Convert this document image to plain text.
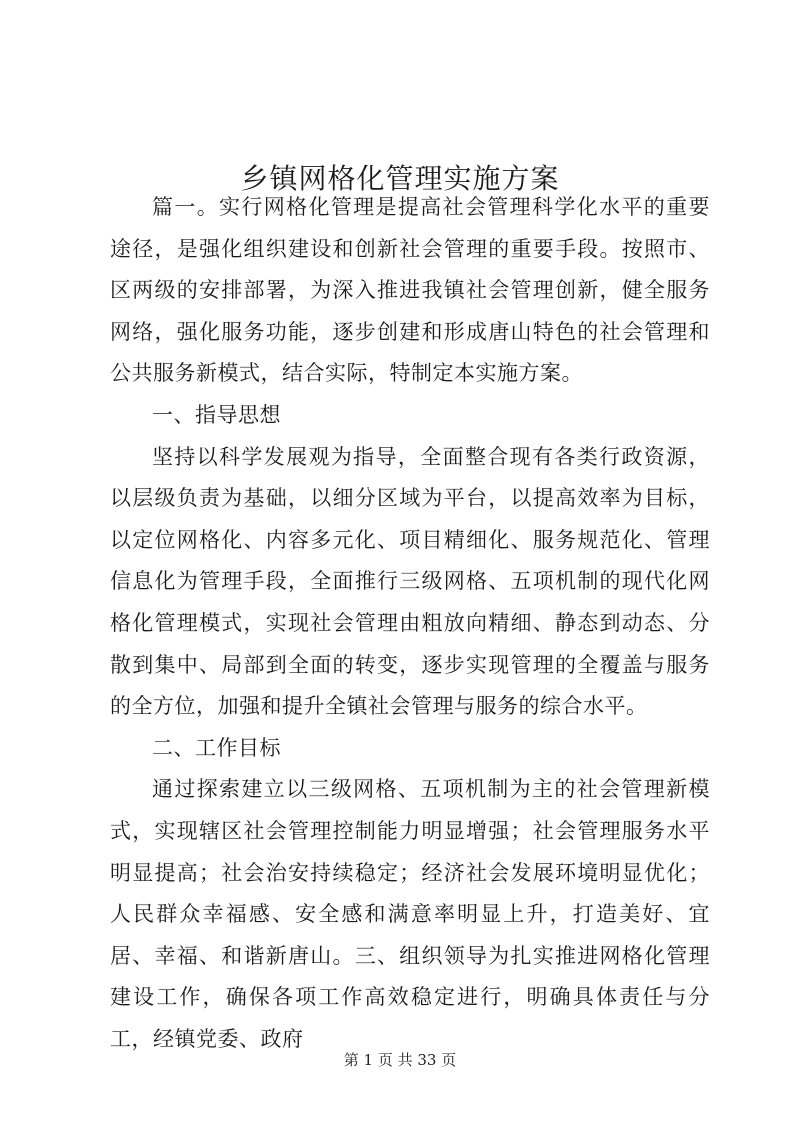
乡镇网格化管理实施方案

篇一。实行网格化管理是提高社会管理科学化水平的重要途径，是强化组织建设和创新社会管理的重要手段。按照市、区两级的安排部署，为深入推进我镇社会管理创新，健全服务网络，强化服务功能，逐步创建和形成唐山特色的社会管理和公共服务新模式，结合实际，特制定本实施方案。

一、指导思想

坚持以科学发展观为指导，全面整合现有各类行政资源，以层级负责为基础，以细分区域为平台，以提高效率为目标，以定位网格化、内容多元化、项目精细化、服务规范化、管理信息化为管理手段，全面推行三级网格、五项机制的现代化网格化管理模式，实现社会管理由粗放向精细、静态到动态、分散到集中、局部到全面的转变，逐步实现管理的全覆盖与服务的全方位，加强和提升全镇社会管理与服务的综合水平。

二、工作目标

通过探索建立以三级网格、五项机制为主的社会管理新模式，实现辖区社会管理控制能力明显增强；社会管理服务水平明显提高；社会治安持续稳定；经济社会发展环境明显优化；人民群众幸福感、安全感和满意率明显上升，打造美好、宜居、幸福、和谐新唐山。三、组织领导为扎实推进网格化管理建设工作，确保各项工作高效稳定进行，明确具体责任与分工，经镇党委、政府

第 1 页 共 33 页
